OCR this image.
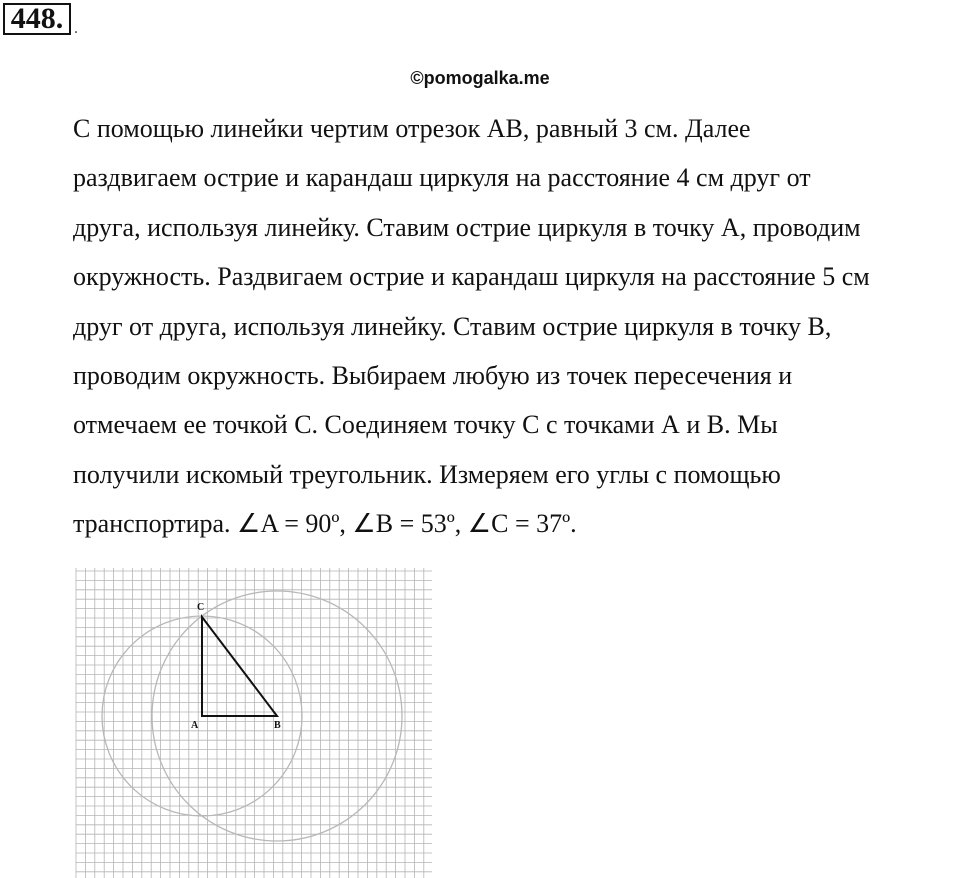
448. .
©pomogalka.me
С помощью линейки чертим отрезок АВ, равный 3 см. Далее
раздвигаем острие и карандаш циркуля на расстояние 4 см друг от
друга, используя линейку. Ставим острие циркуля в точку А, проводим
окружность. Раздвигаем острие и карандаш циркуля на расстояние 5 см
друг от друга, используя линейку. Ставим острие циркуля в точку В,
проводим окружность. Выбираем любую из точек пересечения и
отмечаем ее точкой С. Соединяем точку С с точками А и В. Мы
получили искомый треугольник. Измеряем его углы с помощью
транспортира. ∠A = 90º, ∠B = 53º, ∠C = 37º.
A	B
C
